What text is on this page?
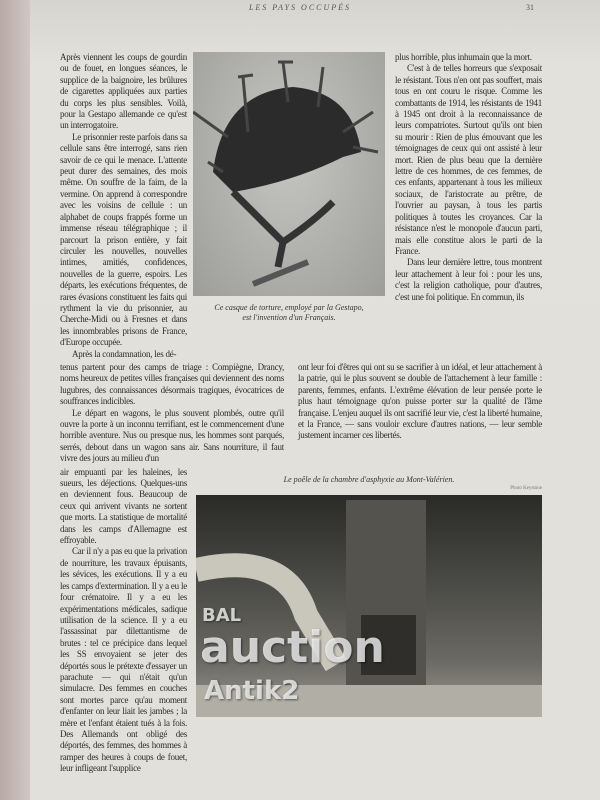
LES PAYS OCCUPÉS	31

Après viennent les coups de gourdin ou de fouet, en longues séances, le supplice de la baignoire, les brûlures de cigarettes appliquées aux parties du corps les plus sensibles. Voilà, pour la Gestapo allemande ce qu'est un interrogatoire.

Le prisonnier reste parfois dans sa cellule sans être interrogé, sans rien savoir de ce qui le menace. L'attente peut durer des semaines, des mois même. On souffre de la faim, de la vermine. On apprend à correspondre avec les voisins de cellule : un alphabet de coups frappés forme un immense réseau télégraphique ; il parcourt la prison entière, y fait circuler les nouvelles, nouvelles intimes, amitiés, confidences, nouvelles de la guerre, espoirs. Les départs, les exécutions fréquentes, de rares évasions constituent les faits qui rythment la vie du prisonnier, au Cherche-Midi ou à Fresnes et dans les innombrables prisons de France, d'Europe occupée.

Après la condamnation, les dé-

Ce casque de torture, employé par la Gestapo,
est l'invention d'un Français.

plus horrible, plus inhumain que la mort.

C'est à de telles horreurs que s'exposait le résistant. Tous n'en ont pas souffert, mais tous en ont couru le risque. Comme les combattants de 1914, les résistants de 1941 à 1945 ont droit à la reconnaissance de leurs compatriotes. Surtout qu'ils ont bien su mourir : Rien de plus émouvant que les témoignages de ceux qui ont assisté à leur mort. Rien de plus beau que la dernière lettre de ces hommes, de ces femmes, de ces enfants, appartenant à tous les milieux sociaux, de l'aristocrate au prêtre, de l'ouvrier au paysan, à tous les partis politiques à toutes les croyances. Car la résistance n'est le monopole d'aucun parti, mais elle constitue alors le parti de la France.

Dans leur dernière lettre, tous montrent leur attachement à leur foi : pour les uns, c'est la religion catholique, pour d'autres, c'est une foi politique. En commun, ils

tenus partent pour des camps de triage : Compiègne, Drancy, noms heureux de petites villes françaises qui deviennent des noms lugubres, des connaissances désormais tragiques, évocatrices de souffrances indicibles.

Le départ en wagons, le plus souvent plombés, outre qu'il ouvre la porte à un inconnu terrifiant, est le commencement d'une horrible aventure. Nus ou presque nus, les hommes sont parqués, serrés, debout dans un wagon sans air. Sans nourriture, il faut vivre des jours au milieu d'un

ont leur foi d'êtres qui ont su se sacrifier à un idéal, et leur attachement à la patrie, qui le plus souvent se double de l'attachement à leur famille : parents, femmes, enfants. L'extrême élévation de leur pensée porte le plus haut témoignage qu'on puisse porter sur la qualité de l'âme française. L'enjeu auquel ils ont sacrifié leur vie, c'est la liberté humaine, et la France, — sans vouloir exclure d'autres nations, — leur semble justement incarner ces libertés.

air empuanti par les haleines, les sueurs, les déjections. Quelques-uns en deviennent fous. Beaucoup de ceux qui arrivent vivants ne sortent que morts. La statistique de mortalité dans les camps d'Allemagne est effroyable.

Car il n'y a pas eu que la privation de nourriture, les travaux épuisants, les sévices, les exécutions. Il y a eu les camps d'extermination. Il y a eu le four crématoire. Il y a eu les expérimentations médicales, sadique utilisation de la science. Il y a eu l'assassinat par dilettantisme de brutes : tel ce précipice dans lequel les SS envoyaient se jeter des déportés sous le prétexte d'essayer un parachute — qui n'était qu'un simulacre. Des femmes en couches sont mortes parce qu'au moment d'enfanter on leur liait les jambes ; la mère et l'enfant étaient tués à la fois. Des Allemands ont obligé des déportés, des femmes, des hommes à ramper des heures à coups de fouet, leur infligeant l'supplice

Le poêle de la chambre d'asphyxie au Mont-Valérien.
Photo Keystone
BAL
auction
Antik2
